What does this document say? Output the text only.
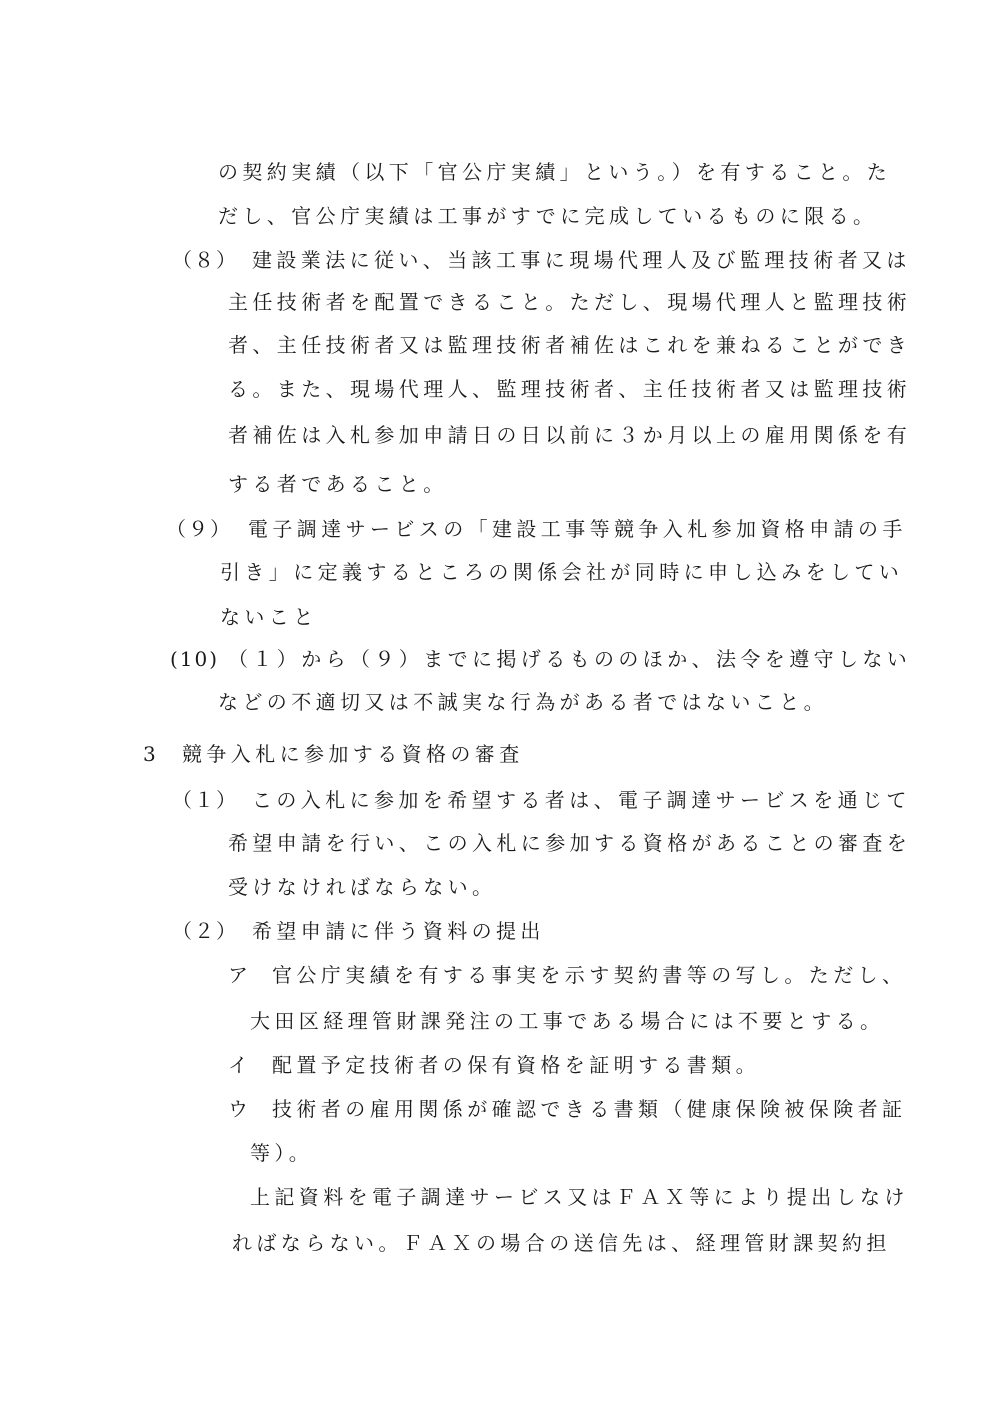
の契約実績（以下「官公庁実績」という。）を有すること。た

だし、官公庁実績は工事がすでに完成しているものに限る。

（８） 建設業法に従い、当該工事に現場代理人及び監理技術者又は

主任技術者を配置できること。ただし、現場代理人と監理技術

者、主任技術者又は監理技術者補佐はこれを兼ねることができ

る。また、現場代理人、監理技術者、主任技術者又は監理技術

者補佐は入札参加申請日の日以前に３か月以上の雇用関係を有

する者であること。

（９） 電子調達サービスの「建設工事等競争入札参加資格申請の手

引き」に定義するところの関係会社が同時に申し込みをしてい

ないこと

(10) （１）から（９）までに掲げるもののほか、法令を遵守しない

などの不適切又は不誠実な行為がある者ではないこと。

3 競争入札に参加する資格の審査

（１） この入札に参加を希望する者は、電子調達サービスを通じて

希望申請を行い、この入札に参加する資格があることの審査を

受けなければならない。

（２） 希望申請に伴う資料の提出

ア 官公庁実績を有する事実を示す契約書等の写し。ただし、

大田区経理管財課発注の工事である場合には不要とする。

イ 配置予定技術者の保有資格を証明する書類。

ウ 技術者の雇用関係が確認できる書類（健康保険被保険者証

等）。

上記資料を電子調達サービス又はＦＡＸ等により提出しなけ

ればならない。ＦＡＸの場合の送信先は、経理管財課契約担
